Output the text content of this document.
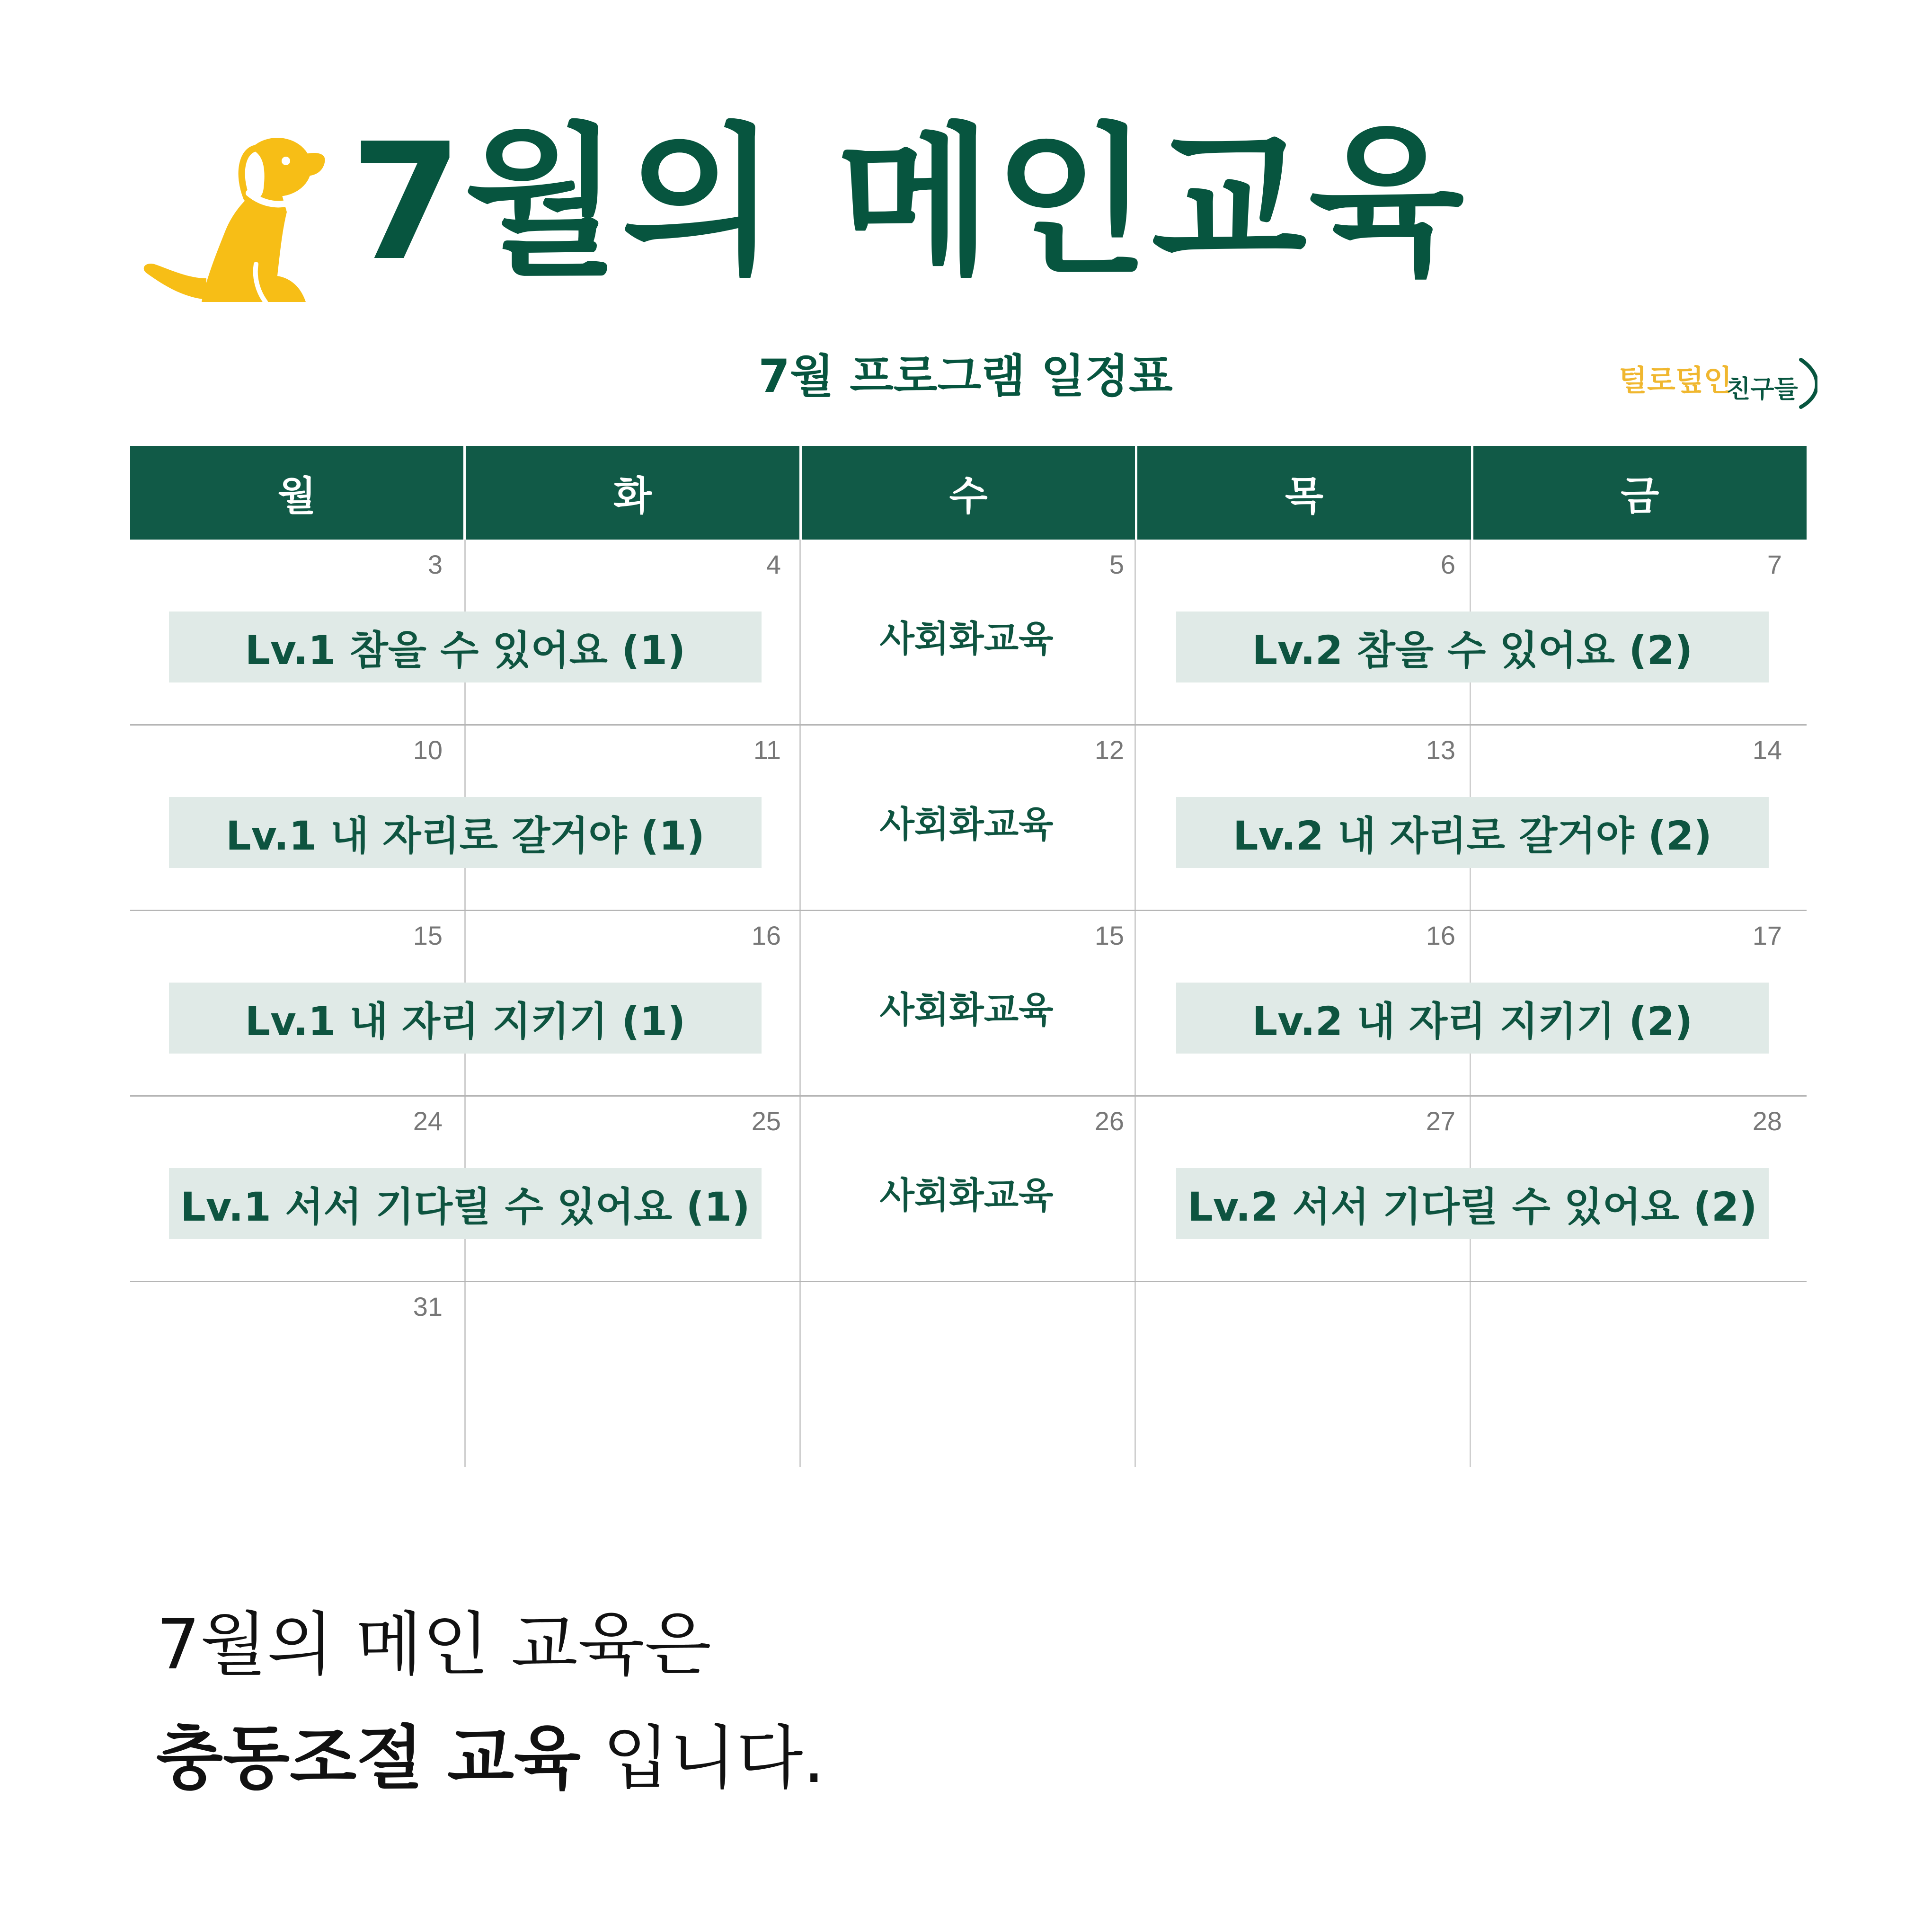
7월의 메인교육
7월 프로그램 일정표	털로덮인
친구들
월	화	수	목	금
3	4	5	6	7
Lv.1 참을 수 있어요 (1)	사회화교육	Lv.2 참을 수 있어요 (2)
10	11	12	13	14
Lv.1 내 자리로 갈거야 (1)	사회화교육	Lv.2 내 자리로 갈거야 (2)
15	16	15	16	17
Lv.1 내 자리 지키기 (1)	사회화교육	Lv.2 내 자리 지키기 (2)
24	25	26	27	28
Lv.1 서서 기다릴 수 있어요 (1)	사회화교육	Lv.2 서서 기다릴 수 있어요 (2)
31
7월의 메인 교육은

충동조절 교육 입니다.
